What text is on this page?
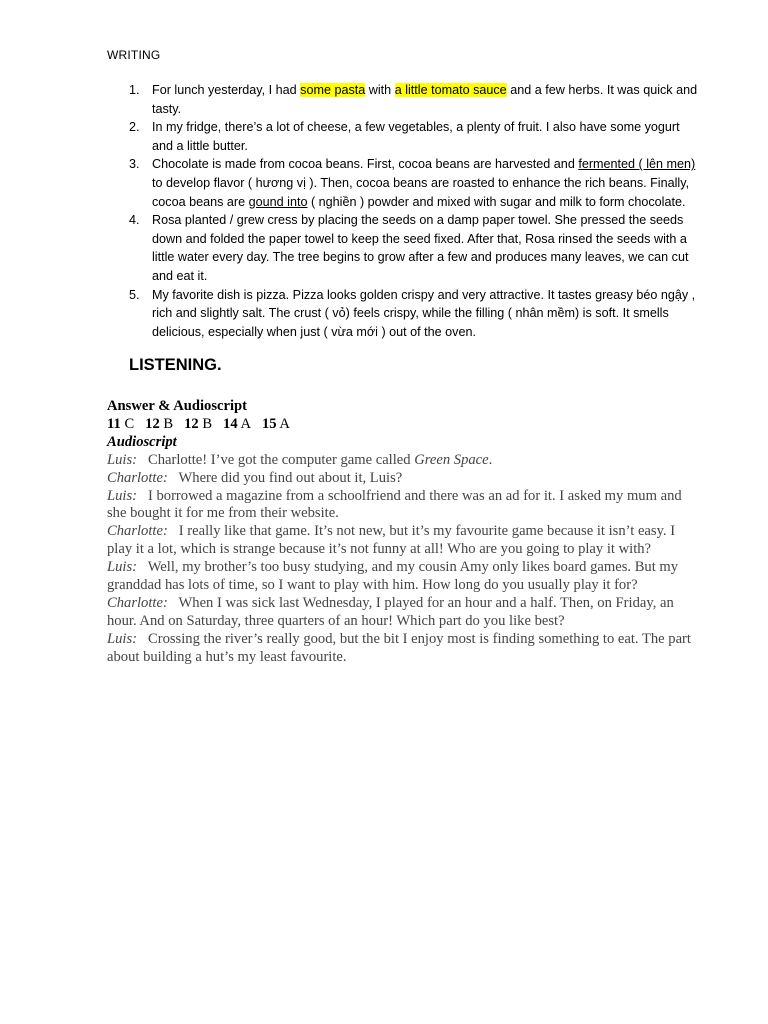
WRITING
1. For lunch yesterday, I had some pasta with a little tomato sauce and a few herbs. It was quick and tasty.
2. In my fridge, there’s a lot of cheese, a few vegetables, a plenty of fruit. I also have some yogurt and a little butter.
3. Chocolate is made from cocoa beans. First, cocoa beans are harvested and fermented ( lên men) to develop flavor ( hương vị ). Then, cocoa beans are roasted to enhance the rich beans. Finally, cocoa beans are gound into ( nghiền ) powder and mixed with sugar and milk to form chocolate.
4. Rosa planted / grew cress by placing the seeds on a damp paper towel. She pressed the seeds down and folded the paper towel to keep the seed fixed. After that, Rosa rinsed the seeds with a little water every day. The tree begins to grow after a few and produces many leaves, we can cut and eat it.
5. My favorite dish is pizza. Pizza looks golden crispy and very attractive. It tastes greasy béo ngậy , rich and slightly salt. The crust ( vỏ) feels crispy, while the filling ( nhân mềm) is soft. It smells delicious, especially when just ( vừa mới ) out of the oven.
LISTENING.

Answer & Audioscript

11 C 12 B 12 B 14 A 15 A

Audioscript

Luis: Charlotte! I’ve got the computer game called Green Space.

Charlotte: Where did you find out about it, Luis?

Luis: I borrowed a magazine from a schoolfriend and there was an ad for it. I asked my mum and she bought it for me from their website.

Charlotte: I really like that game. It’s not new, but it’s my favourite game because it isn’t easy. I play it a lot, which is strange because it’s not funny at all! Who are you going to play it with?

Luis: Well, my brother’s too busy studying, and my cousin Amy only likes board games. But my granddad has lots of time, so I want to play with him. How long do you usually play it for?

Charlotte: When I was sick last Wednesday, I played for an hour and a half. Then, on Friday, an hour. And on Saturday, three quarters of an hour! Which part do you like best?

Luis: Crossing the river’s really good, but the bit I enjoy most is finding something to eat. The part about building a hut’s my least favourite.
